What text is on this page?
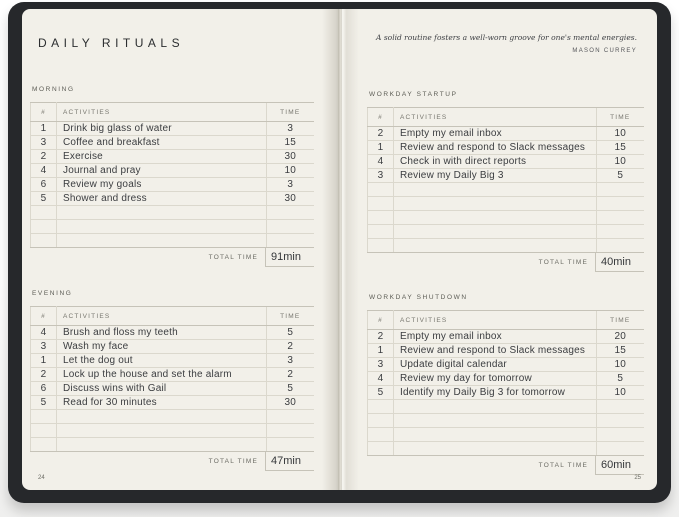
DAILY RITUALS
MORNING
#	ACTIVITIES	TIME
1	Drink big glass of water	3
3	Coffee and breakfast	15
2	Exercise	30
4	Journal and pray	10
6	Review my goals	3
5	Shower and dress	30

TOTAL TIME	91min
EVENING
#	ACTIVITIES	TIME
4	Brush and floss my teeth	5
3	Wash my face	2
1	Let the dog out	3
2	Lock up the house and set the alarm	2
6	Discuss wins with Gail	5
5	Read for 30 minutes	30

TOTAL TIME	47min
24
A solid routine fosters a well-worn groove for one's mental energies.
MASON CURREY
WORKDAY STARTUP
#	ACTIVITIES	TIME
2	Empty my email inbox	10
1	Review and respond to Slack messages	15
4	Check in with direct reports	10
3	Review my Daily Big 3	5

TOTAL TIME	40min
WORKDAY SHUTDOWN
#	ACTIVITIES	TIME
2	Empty my email inbox	20
1	Review and respond to Slack messages	15
3	Update digital calendar	10
4	Review my day for tomorrow	5
5	Identify my Daily Big 3 for tomorrow	10

TOTAL TIME	60min
25
